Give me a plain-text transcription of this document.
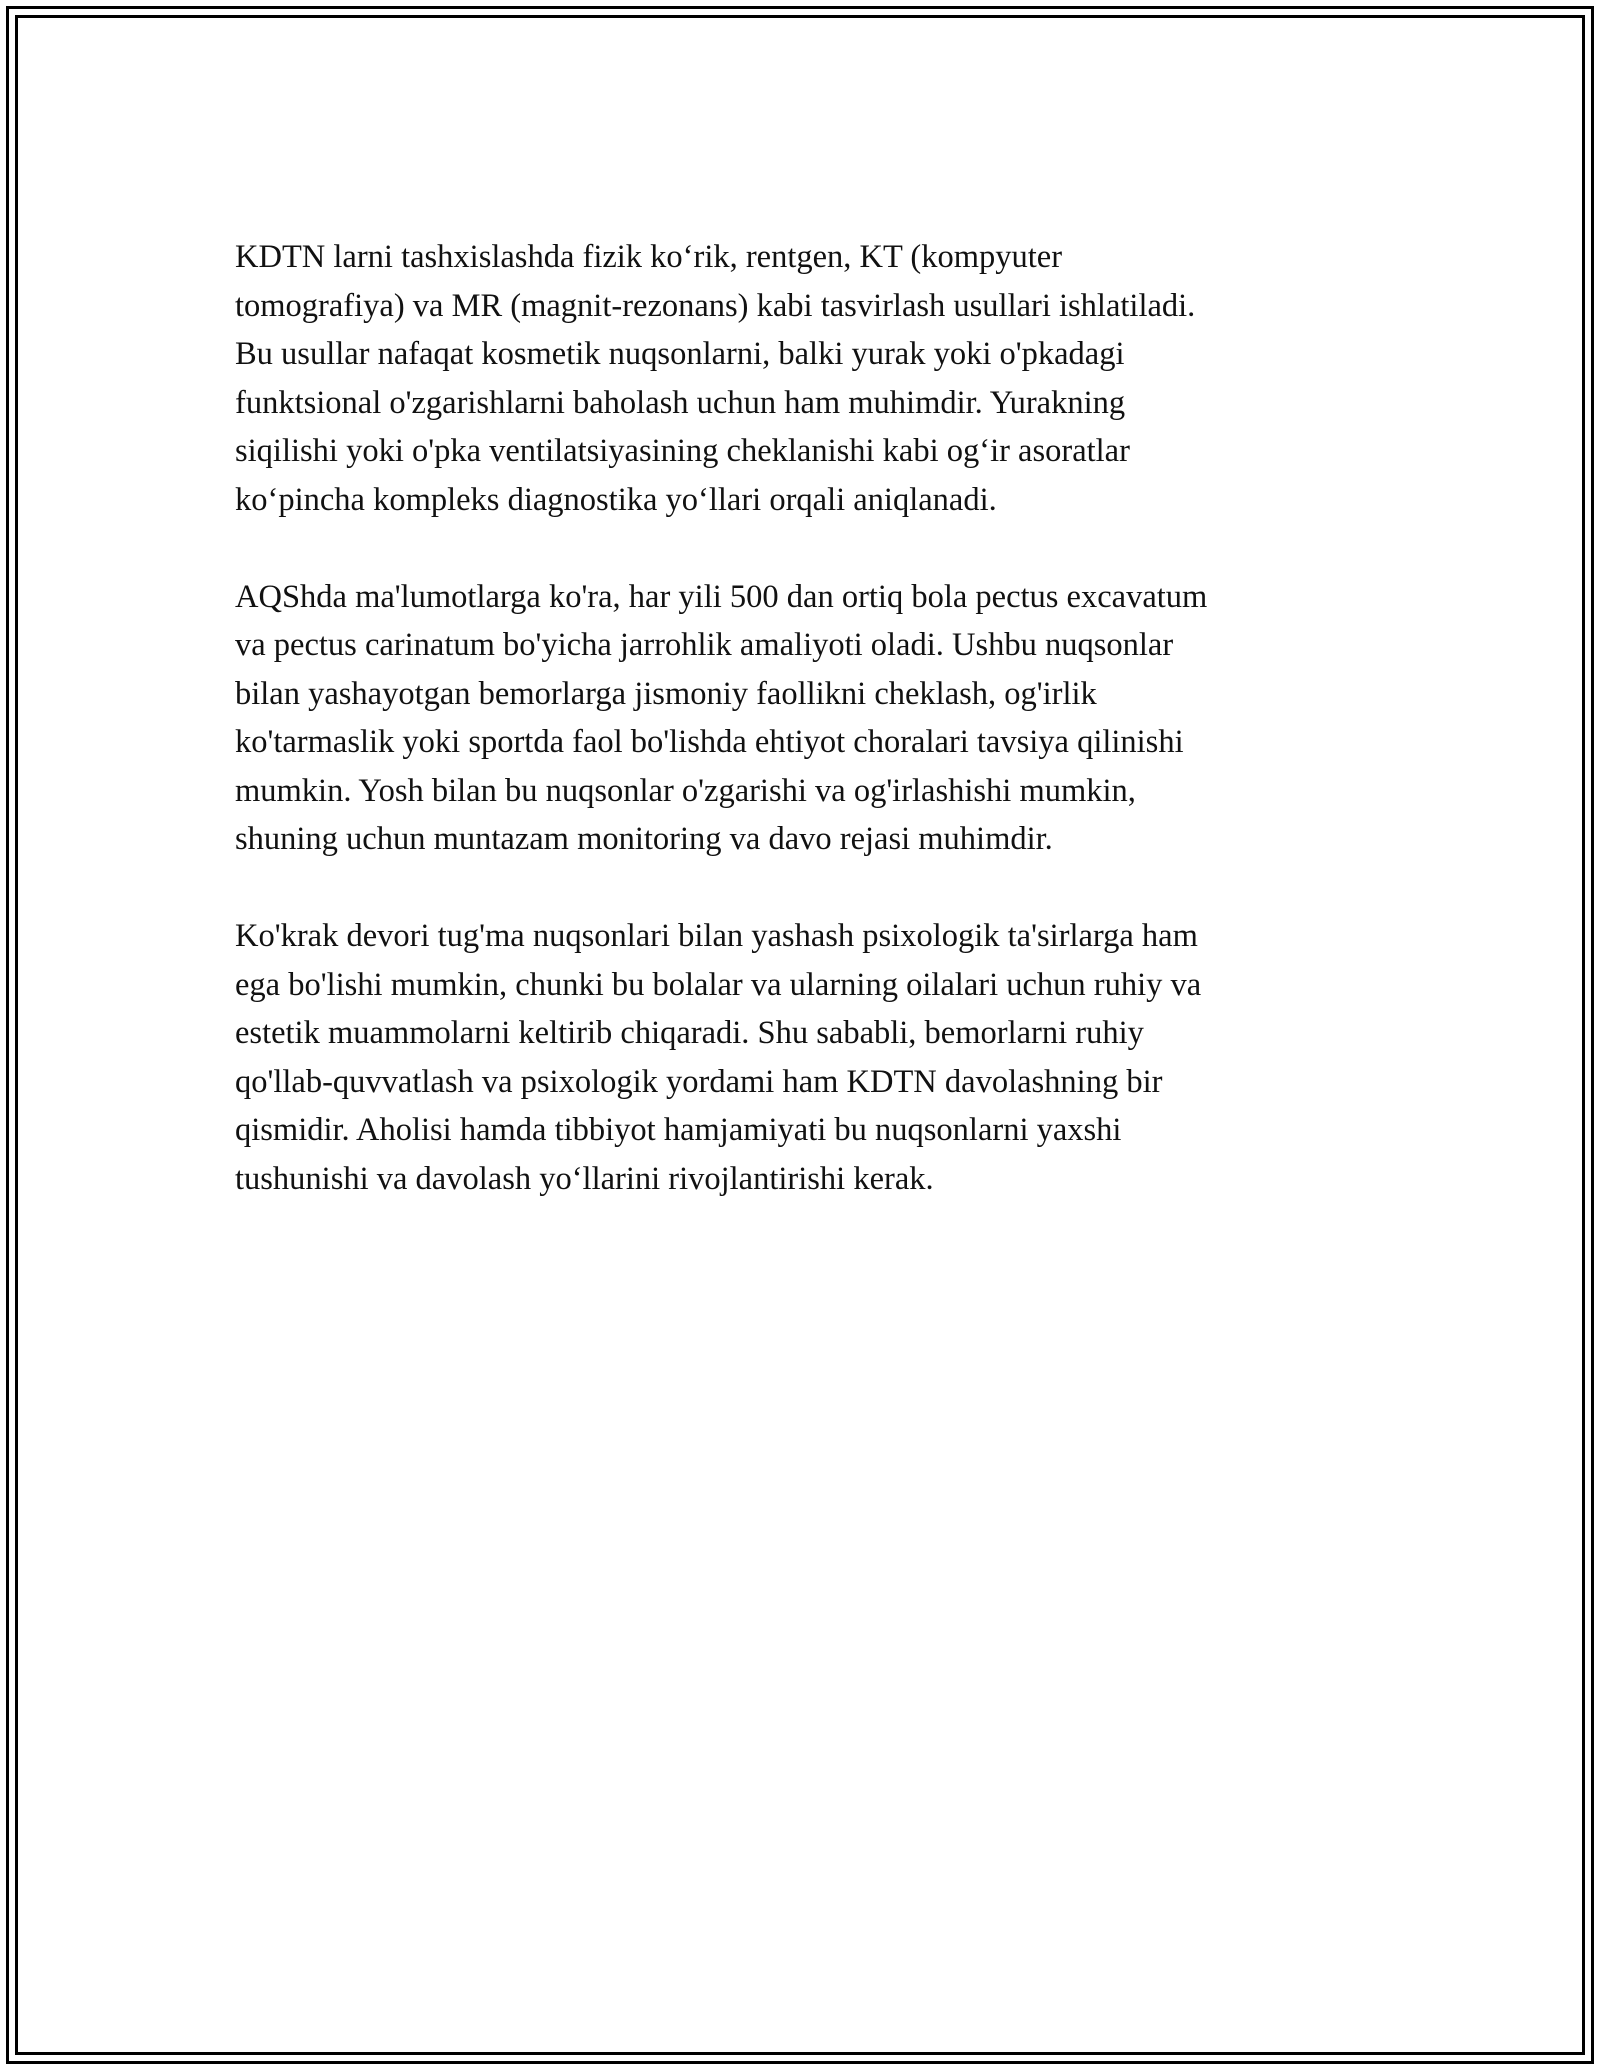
KDTN larni tashxislashda fizik koʻrik, rentgen, KT (kompyuter
tomografiya) va MR (magnit-rezonans) kabi tasvirlash usullari ishlatiladi.
Bu usullar nafaqat kosmetik nuqsonlarni, balki yurak yoki o'pkadagi
funktsional o'zgarishlarni baholash uchun ham muhimdir. Yurakning
siqilishi yoki o'pka ventilatsiyasining cheklanishi kabi ogʻir asoratlar
koʻpincha kompleks diagnostika yoʻllari orqali aniqlanadi.

AQShda ma'lumotlarga ko'ra, har yili 500 dan ortiq bola pectus excavatum
va pectus carinatum bo'yicha jarrohlik amaliyoti oladi. Ushbu nuqsonlar
bilan yashayotgan bemorlarga jismoniy faollikni cheklash, og'irlik
ko'tarmaslik yoki sportda faol bo'lishda ehtiyot choralari tavsiya qilinishi
mumkin. Yosh bilan bu nuqsonlar o'zgarishi va og'irlashishi mumkin,
shuning uchun muntazam monitoring va davo rejasi muhimdir.

Ko'krak devori tug'ma nuqsonlari bilan yashash psixologik ta'sirlarga ham
ega bo'lishi mumkin, chunki bu bolalar va ularning oilalari uchun ruhiy va
estetik muammolarni keltirib chiqaradi. Shu sababli, bemorlarni ruhiy
qo'llab-quvvatlash va psixologik yordami ham KDTN davolashning bir
qismidir. Aholisi hamda tibbiyot hamjamiyati bu nuqsonlarni yaxshi
tushunishi va davolash yoʻllarini rivojlantirishi kerak.
